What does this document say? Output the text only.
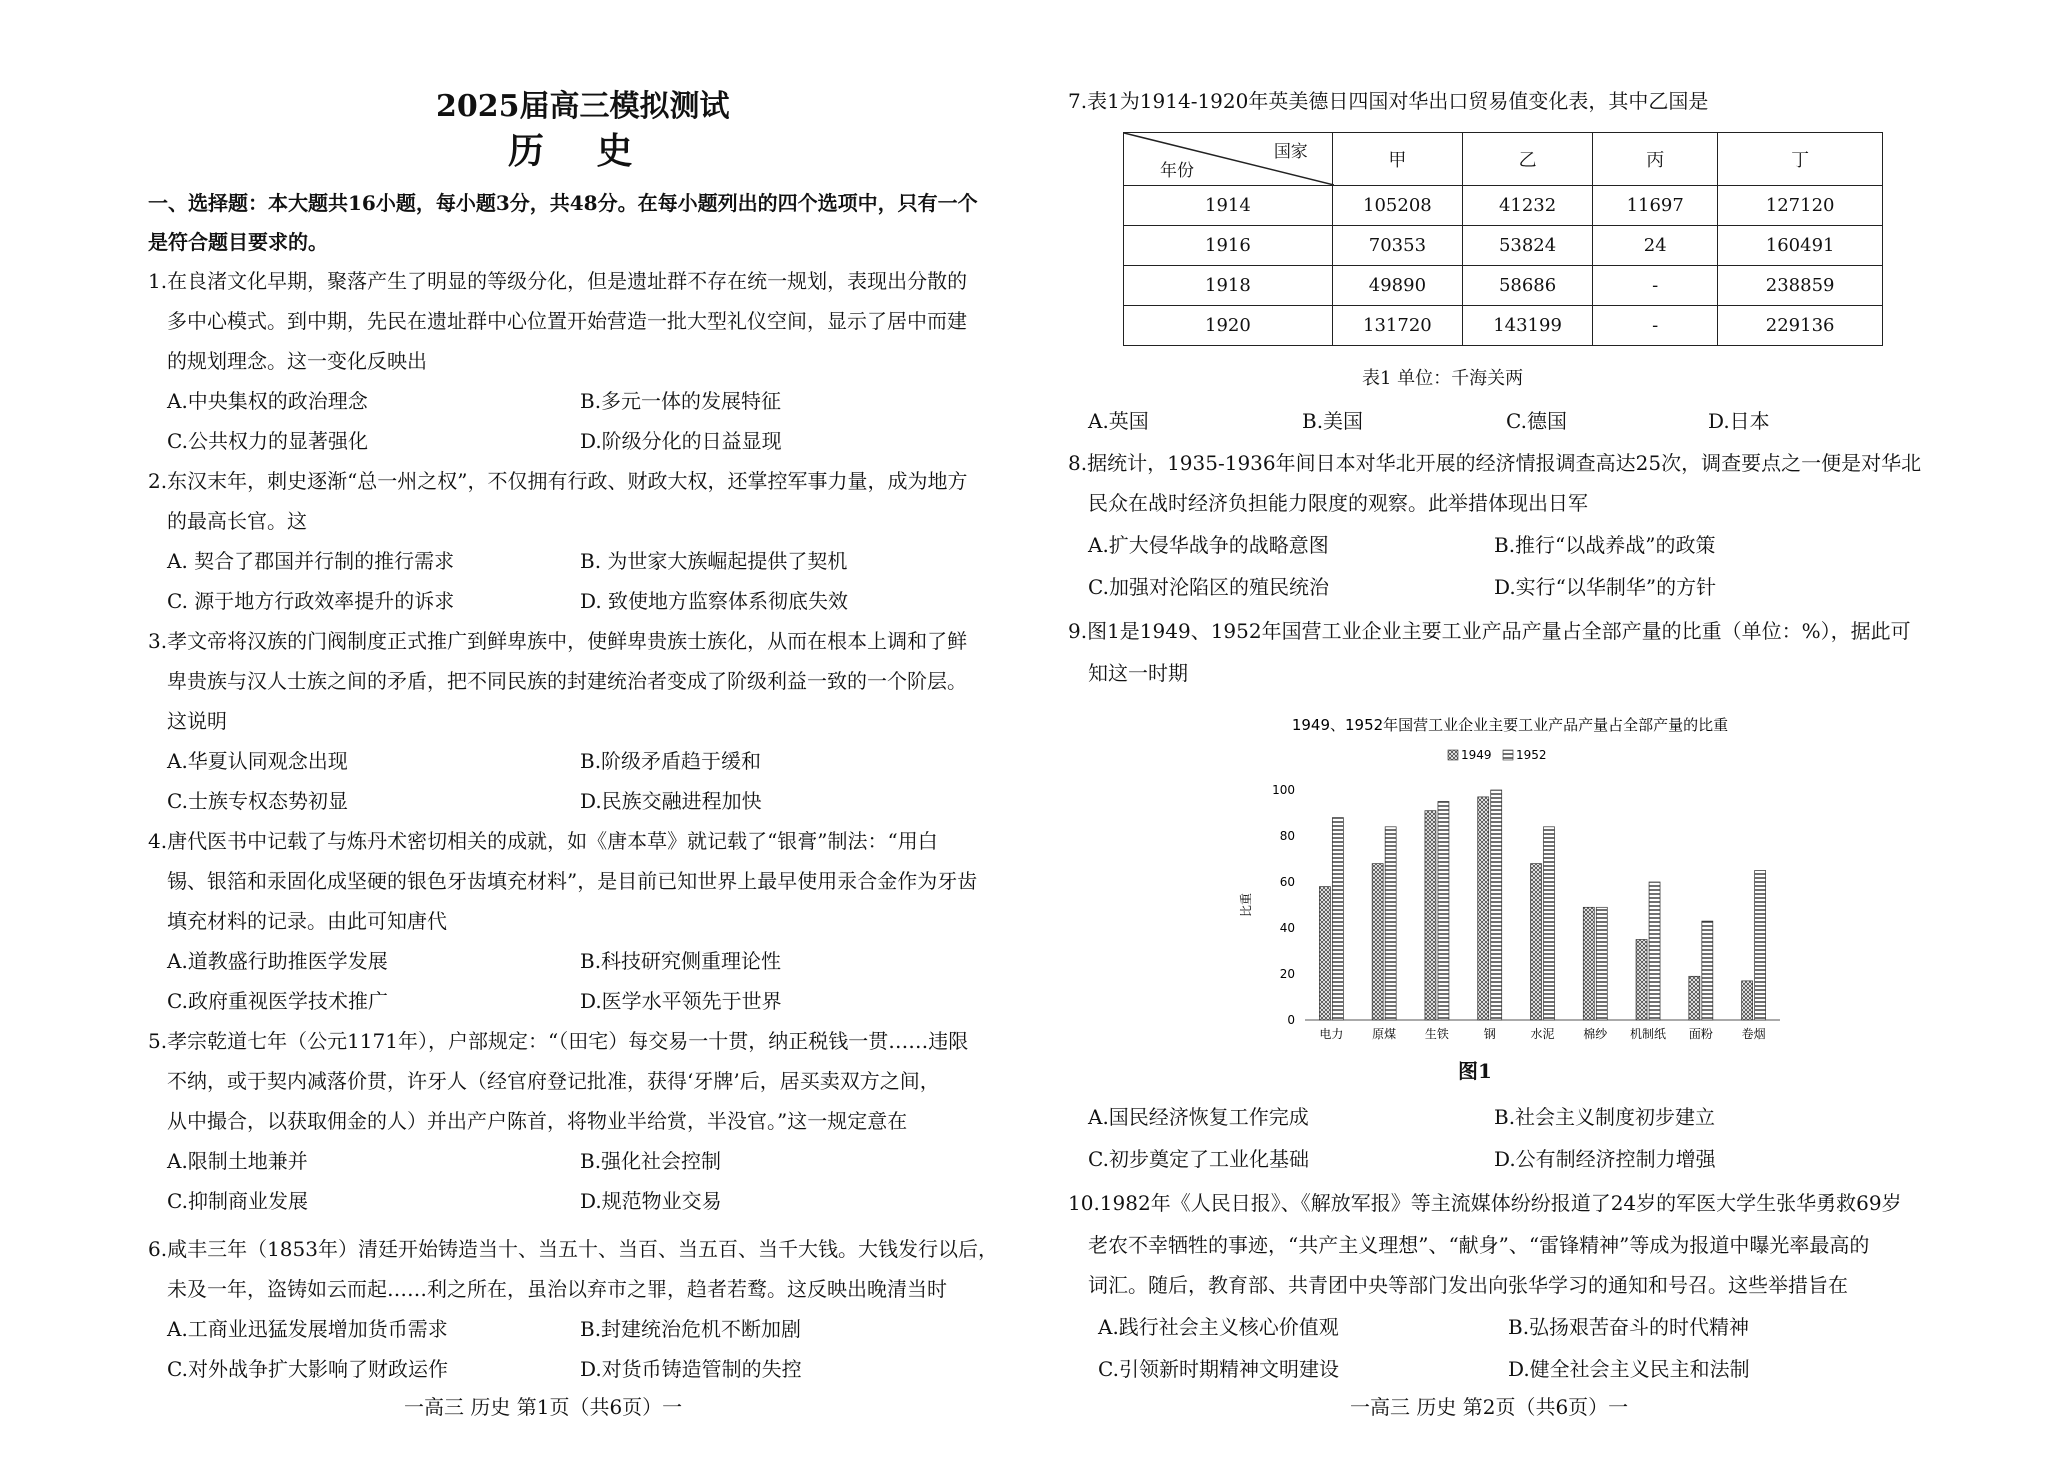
2025届高三模拟测试
历 史
一、选择题：本大题共16小题，每小题3分，共48分。在每小题列出的四个选项中，只有一个
是符合题目要求的。
1.在良渚文化早期，聚落产生了明显的等级分化，但是遗址群不存在统一规划，表现出分散的
多中心模式。到中期，先民在遗址群中心位置开始营造一批大型礼仪空间，显示了居中而建
的规划理念。这一变化反映出
A.中央集权的政治理念	B.多元一体的发展特征
C.公共权力的显著强化	D.阶级分化的日益显现
2.东汉末年，刺史逐渐“总一州之权”，不仅拥有行政、财政大权，还掌控军事力量，成为地方
的最高长官。这
A. 契合了郡国并行制的推行需求	B. 为世家大族崛起提供了契机
C. 源于地方行政效率提升的诉求	D. 致使地方监察体系彻底失效
3.孝文帝将汉族的门阀制度正式推广到鲜卑族中，使鲜卑贵族士族化，从而在根本上调和了鲜
卑贵族与汉人士族之间的矛盾，把不同民族的封建统治者变成了阶级利益一致的一个阶层。
这说明
A.华夏认同观念出现	B.阶级矛盾趋于缓和
C.士族专权态势初显	D.民族交融进程加快
4.唐代医书中记载了与炼丹术密切相关的成就，如《唐本草》就记载了“银膏”制法：“用白
锡、银箔和汞固化成坚硬的银色牙齿填充材料”，是目前已知世界上最早使用汞合金作为牙齿
填充材料的记录。由此可知唐代
A.道教盛行助推医学发展	B.科技研究侧重理论性
C.政府重视医学技术推广	D.医学水平领先于世界
5.孝宗乾道七年（公元1171年），户部规定：“（田宅）每交易一十贯，纳正税钱一贯……违限
不纳，或于契内减落价贯，许牙人（经官府登记批准，获得‘牙牌’后，居买卖双方之间，
从中撮合，以获取佣金的人）并出产户陈首，将物业半给赏，半没官。”这一规定意在
A.限制土地兼并	B.强化社会控制
C.抑制商业发展	D.规范物业交易
6.咸丰三年（1853年）清廷开始铸造当十、当五十、当百、当五百、当千大钱。大钱发行以后，
未及一年，盗铸如云而起……利之所在，虽治以弃市之罪，趋者若鹜。这反映出晚清当时
A.工商业迅猛发展增加货币需求	B.封建统治危机不断加剧
C.对外战争扩大影响了财政运作	D.对货币铸造管制的失控
一高三 历史 第1页（共6页）一
7.表1为1914-1920年英美德日四国对华出口贸易值变化表，其中乙国是
国家
年份	甲	乙	丙	丁
1914	105208	41232	11697	127120
1916	70353	53824	24	160491
1918	49890	58686	-	238859
1920	131720	143199	-	229136
表1 单位：千海关两
A.英国	B.美国	C.德国	D.日本
8.据统计，1935-1936年间日本对华北开展的经济情报调查高达25次，调查要点之一便是对华北
民众在战时经济负担能力限度的观察。此举措体现出日军
A.扩大侵华战争的战略意图	B.推行“以战养战”的政策
C.加强对沦陷区的殖民统治	D.实行“以华制华”的方针
9.图1是1949、1952年国营工业企业主要工业产品产量占全部产量的比重（单位：%），据此可
知这一时期
1949、1952年国营工业企业主要工业产品产量占全部产量的比重
1949 1952
0
20
40
60
80
100
比重
电力 原煤 生铁	钢	水泥 棉纱 机制纸 面粉 卷烟
图1
A.国民经济恢复工作完成	B.社会主义制度初步建立
C.初步奠定了工业化基础	D.公有制经济控制力增强
10.1982年《人民日报》、《解放军报》等主流媒体纷纷报道了24岁的军医大学生张华勇救69岁
老农不幸牺牲的事迹，“共产主义理想”、“献身”、“雷锋精神”等成为报道中曝光率最高的
词汇。随后，教育部、共青团中央等部门发出向张华学习的通知和号召。这些举措旨在
A.践行社会主义核心价值观	B.弘扬艰苦奋斗的时代精神
C.引领新时期精神文明建设	D.健全社会主义民主和法制
一高三 历史 第2页（共6页）一
